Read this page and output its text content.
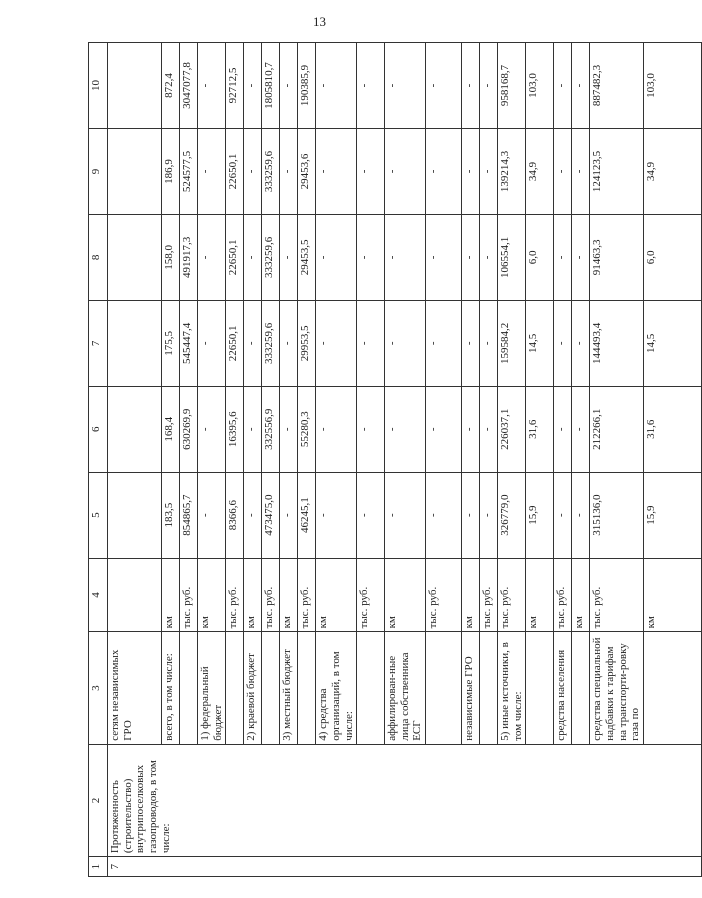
13
1	2	3	4	5	6	7	8	9	10
7	Протяженность (строительство) внутрипоселковых газопроводов, в том числе:	сетям независимых ГРО							
		всего, в том числе:	км	183,5	168,4	175,5	158,0	186,9	872,4
			тыс. руб.	854865,7	630269,9	545447,4	491917,3	524577,5	3047077,8
		1) федеральный бюджет	км	-	-	-	-	-	-
			тыс. руб.	8366,6	16395,6	22650,1	22650,1	22650,1	92712,5
		2) краевой бюджет	км	-	-	-	-	-	-
			тыс. руб.	473475,0	332556,9	333259,6	333259,6	333259,6	1805810,7
		3) местный бюджет	км	-	-	-	-	-	-
			тыс. руб.	46245,1	55280,3	29953,5	29453,5	29453,6	190385,9
		4) средства организаций, в том числе:	км	-	-	-	-	-	-
			тыс. руб.	-	-	-	-	-	-
		аффилирован-ные лица собственника ЕСГ	км	-	-	-	-	-	-
			тыс. руб.	-	-	-	-	-	-
		независимые ГРО	км	-	-	-	-	-	-
			тыс. руб.	-	-	-	-	-	-
		5) иные источники, в том числе:	тыс. руб.	326779,0	226037,1	159584,2	106554,1	139214,3	958168,7
			км	15,9	31,6	14,5	6,0	34,9	103,0
		средства населения	тыс. руб.	-	-	-	-	-	-
			км	-	-	-	-	-	-
		средства специальной надбавки к тарифам на транспорти-ровку газа по	тыс. руб.	315136,0	212266,1	144493,4	91463,3	124123,5	887482,3
			км	15,9	31,6	14,5	6,0	34,9	103,0
